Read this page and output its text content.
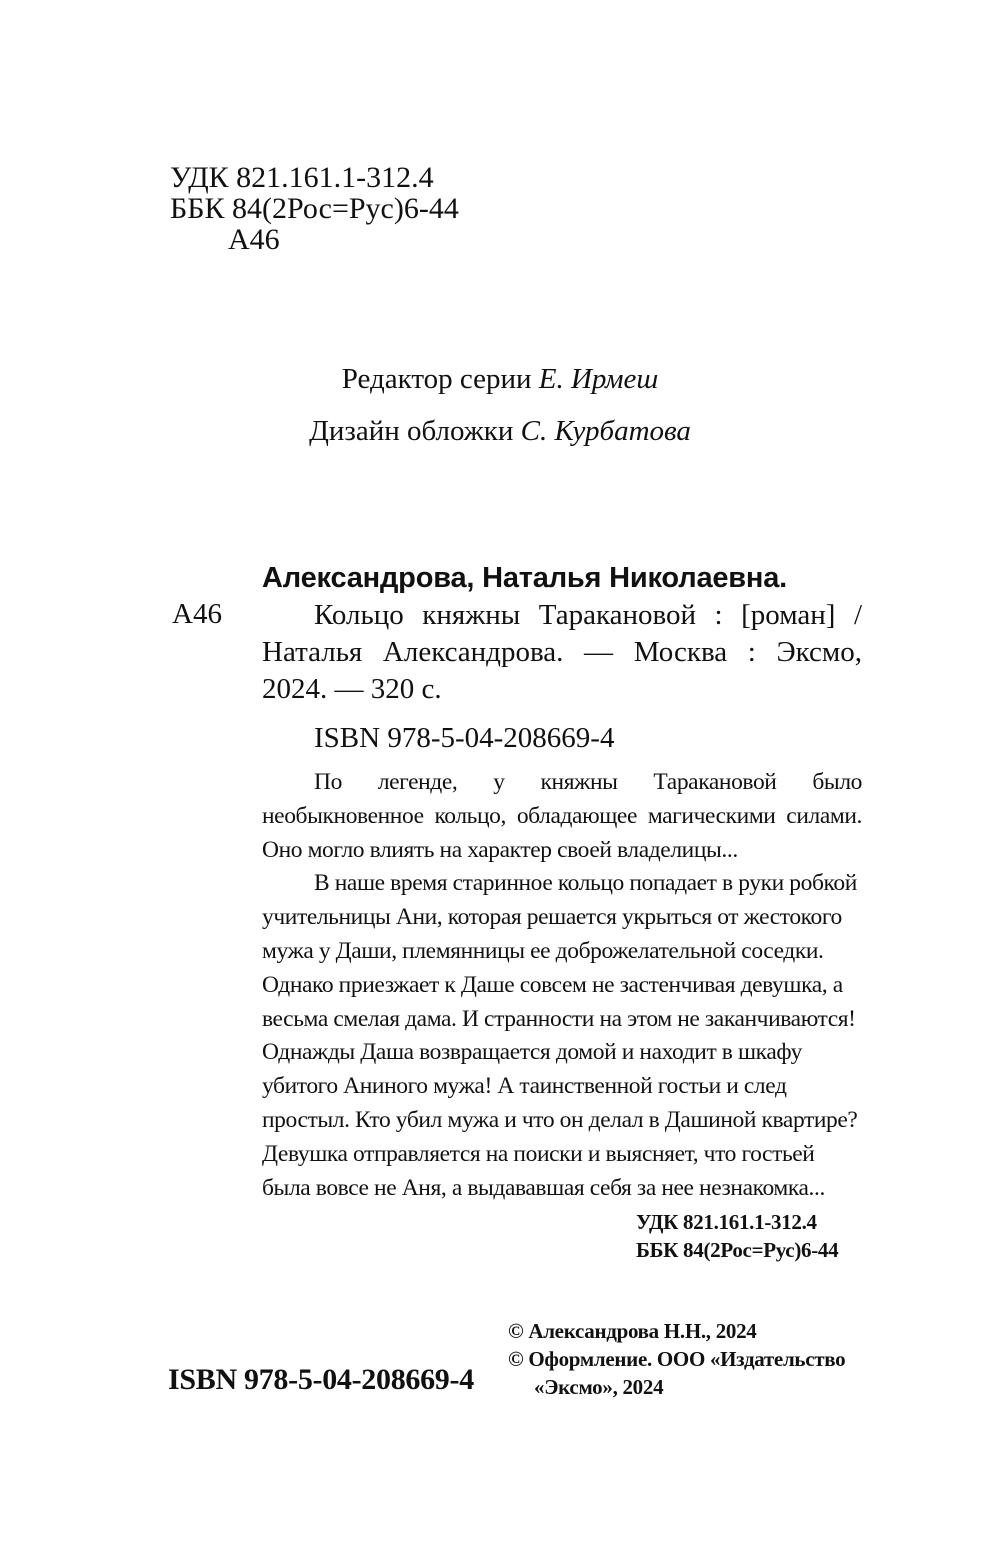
УДК 821.161.1-312.4
ББК 84(2Рос=Рус)6-44
А46
Редактор серии Е. Ирмеш
Дизайн обложки С. Курбатова
А46
Александрова, Наталья Николаевна.
Кольцо княжны Таракановой : [роман] / Наталья Александрова. — Москва : Эксмо, 2024. — 320 с.
ISBN 978-5-04-208669-4

По легенде, у княжны Таракановой было необыкновенное кольцо, обладающее магическими силами. Оно могло влиять на характер своей владелицы...

В наше время старинное кольцо попадает в руки робкой учительницы Ани, которая решается укрыться от жестокого мужа у Даши, племянницы ее доброжелательной соседки. Однако приезжает к Даше совсем не застенчивая девушка, а весьма смелая дама. И странности на этом не заканчиваются! Однажды Даша возвращается домой и находит в шкафу убитого Аниного мужа! А таинственной гостьи и след простыл. Кто убил мужа и что он делал в Дашиной квартире? Девушка отправляется на поиски и выясняет, что гостьей была вовсе не Аня, а выдававшая себя за нее незнакомка...

УДК 821.161.1-312.4
ББК 84(2Рос=Рус)6-44
© Александрова Н.Н., 2024
© Оформление. ООО «Издательство
«Эксмо», 2024
ISBN 978-5-04-208669-4
